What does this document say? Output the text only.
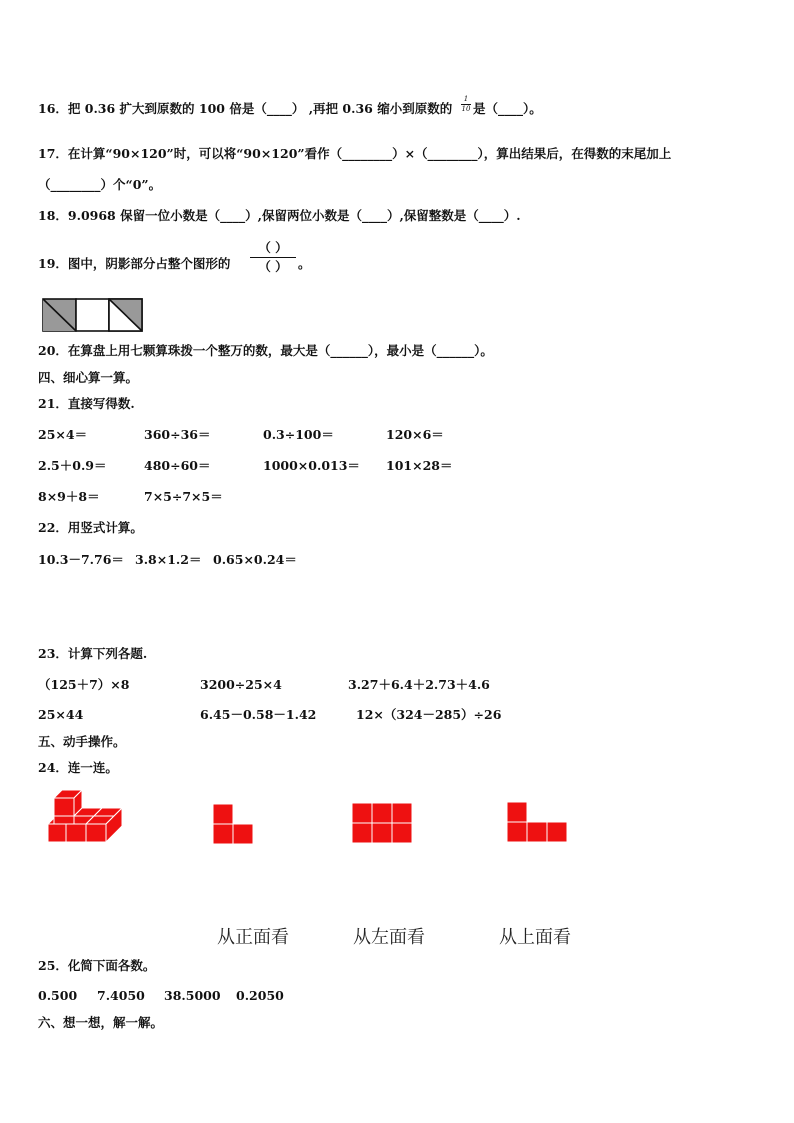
16．把 0.36 扩大到原数的 100 倍是（____） ,再把 0.36 缩小到原数的
1
10 是（____）。
17．在计算“90×120”时，可以将“90×120”看作（________）×（________），算出结果后，在得数的末尾加上
（________）个“0”。
18．9.0968 保留一位小数是（____）,保留两位小数是（____）,保留整数是（____）.
19．图中，阴影部分占整个图形的
（ ）
（ ） 。
20．在算盘上用七颗算珠拨一个整万的数，最大是（______），最小是（______）。
四、细心算一算。
21．直接写得数.
25×4＝	360÷36＝	0.3÷100＝	120×6＝
2.5＋0.9＝	480÷60＝	1000×0.013＝ 101×28＝
8×9＋8＝	7×5÷7×5＝
22．用竖式计算。
10.3－7.76＝ 3.8×1.2＝ 0.65×0.24＝
23．计算下列各题.
（125＋7）×8	3200÷25×4	3.27＋6.4＋2.73＋4.6
25×44	6.45－0.58－1.42	12×（324－285）÷26
五、动手操作。
24．连一连。
从正面看	从左面看	从上面看
25．化简下面各数。
0.500 7.4050 38.5000 0.2050
六、想一想，解一解。
